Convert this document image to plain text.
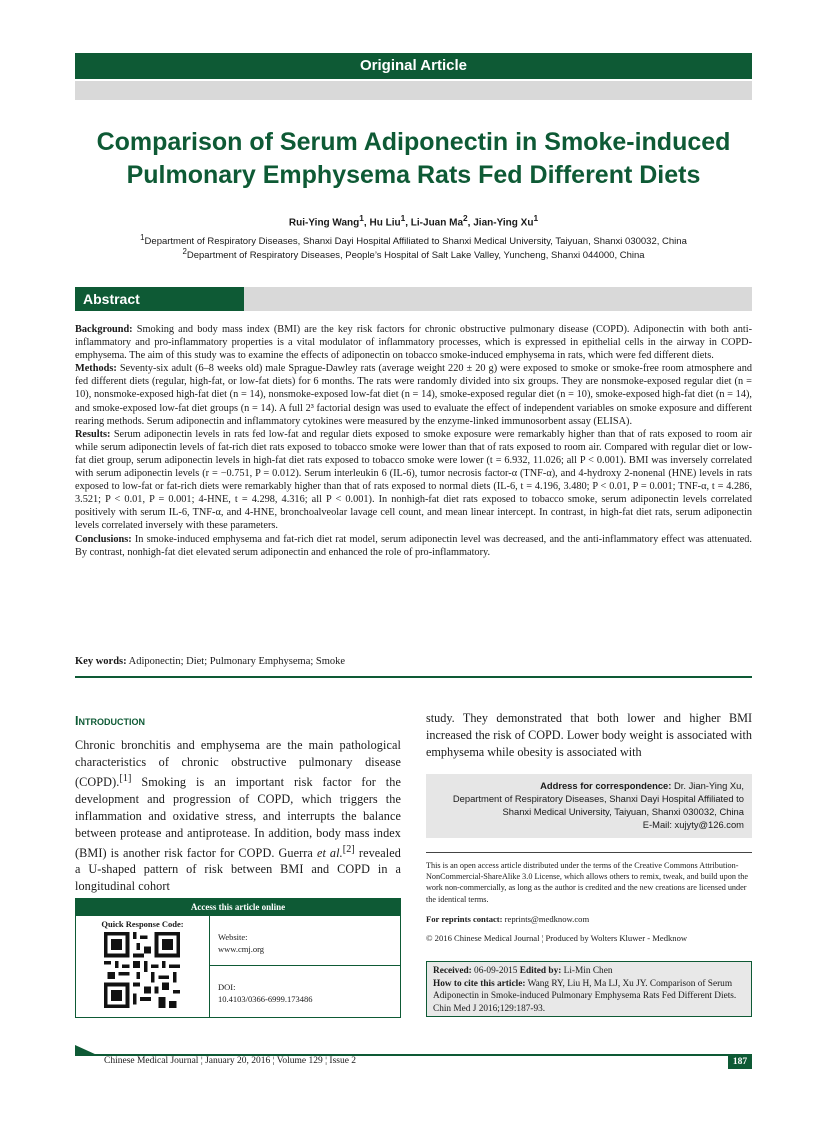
Original Article
Comparison of Serum Adiponectin in Smoke-induced
Pulmonary Emphysema Rats Fed Different Diets
Rui-Ying Wang$^1$, Hu Liu$^1$, Li-Juan Ma$^2$, Jian-Ying Xu$^1$
$^1$Department of Respiratory Diseases, Shanxi Dayi Hospital Affiliated to Shanxi Medical University, Taiyuan, Shanxi 030032, China
$^2$Department of Respiratory Diseases, People’s Hospital of Salt Lake Valley, Yuncheng, Shanxi 044000, China
Abstract

Background: Smoking and body mass index (BMI) are the key risk factors for chronic obstructive pulmonary disease (COPD). Adiponectin with both anti-inflammatory and pro-inflammatory properties is a vital modulator of inflammatory processes, which is expressed in epithelial cells in the airway in COPD-emphysema. The aim of this study was to examine the effects of adiponectin on tobacco smoke-induced emphysema in rats, which were fed different diets.

Methods: Seventy-six adult (6–8 weeks old) male Sprague-Dawley rats (average weight 220 ± 20 g) were exposed to smoke or smoke-free room atmosphere and fed different diets (regular, high-fat, or low-fat diets) for 6 months. The rats were randomly divided into six groups. They are nonsmoke-exposed regular diet (n = 10), nonsmoke-exposed high-fat diet (n = 14), nonsmoke-exposed low-fat diet (n = 14), smoke-exposed regular diet (n = 10), smoke-exposed high-fat diet (n = 14), and smoke-exposed low-fat diet groups (n = 14). A full 2³ factorial design was used to evaluate the effect of independent variables on smoke exposure and different rearing methods. Serum adiponectin and inflammatory cytokines were measured by the enzyme-linked immunosorbent assay (ELISA).

Results: Serum adiponectin levels in rats fed low-fat and regular diets exposed to smoke exposure were remarkably higher than that of rats exposed to room air while serum adiponectin levels of fat-rich diet rats exposed to tobacco smoke were lower than that of rats exposed to room air. Compared with regular diet or low-fat diet group, serum adiponectin levels in high-fat diet rats exposed to tobacco smoke were lower (t = 6.932, 11.026; all P < 0.001). BMI was inversely correlated with serum adiponectin levels (r = −0.751, P = 0.012). Serum interleukin 6 (IL-6), tumor necrosis factor-α (TNF-α), and 4-hydroxy 2-nonenal (HNE) levels in rats exposed to low-fat or fat-rich diets were remarkably higher than that of rats exposed to normal diets (IL-6, t = 4.196, 3.480; P < 0.01, P = 0.001; TNF-α, t = 4.286, 3.521; P < 0.01, P = 0.001; 4-HNE, t = 4.298, 4.316; all P < 0.001). In nonhigh-fat diet rats exposed to tobacco smoke, serum adiponectin levels correlated positively with serum IL-6, TNF-α, and 4-HNE, bronchoalveolar lavage cell count, and mean linear intercept. In contrast, in high-fat diet rats, serum adiponectin levels correlated inversely with these parameters.

Conclusions: In smoke-induced emphysema and fat-rich diet rat model, serum adiponectin level was decreased, and the anti-inflammatory effect was attenuated. By contrast, nonhigh-fat diet elevated serum adiponectin and enhanced the role of pro-inflammatory.

Key words: Adiponectin; Diet; Pulmonary Emphysema; Smoke
Introduction
Chronic bronchitis and emphysema are the main pathological characteristics of chronic obstructive pulmonary disease (COPD).[1] Smoking is an important risk factor for the development and progression of COPD, which triggers the inflammation and oxidative stress, and interrupts the balance between protease and antiprotease. In addition, body mass index (BMI) is another risk factor for COPD. Guerra et al.[2] revealed a U-shaped pattern of risk between BMI and COPD in a longitudinal cohort
study. They demonstrated that both lower and higher BMI increased the risk of COPD. Lower body weight is associated with emphysema while obesity is associated with
Address for correspondence: Dr. Jian-Ying Xu,
Department of Respiratory Diseases, Shanxi Dayi Hospital Affiliated to
Shanxi Medical University, Taiyuan, Shanxi 030032, China
E-Mail: xujyty@126.com
This is an open access article distributed under the terms of the Creative Commons Attribution-NonCommercial-ShareAlike 3.0 License, which allows others to remix, tweak, and build upon the work non-commercially, as long as the author is credited and the new creations are licensed under the identical terms.
For reprints contact: reprints@medknow.com
© 2016 Chinese Medical Journal ¦ Produced by Wolters Kluwer - Medknow
Received: 06-09-2015 Edited by: Li-Min Chen
How to cite this article: Wang RY, Liu H, Ma LJ, Xu JY. Comparison of Serum Adiponectin in Smoke-induced Pulmonary Emphysema Rats Fed Different Diets. Chin Med J 2016;129:187-93.
Access this article online
Quick Response Code:
Website:
www.cmj.org
DOI:
10.4103/0366-6999.173486
Chinese Medical Journal ¦ January 20, 2016 ¦ Volume 129 ¦ Issue 2	187
